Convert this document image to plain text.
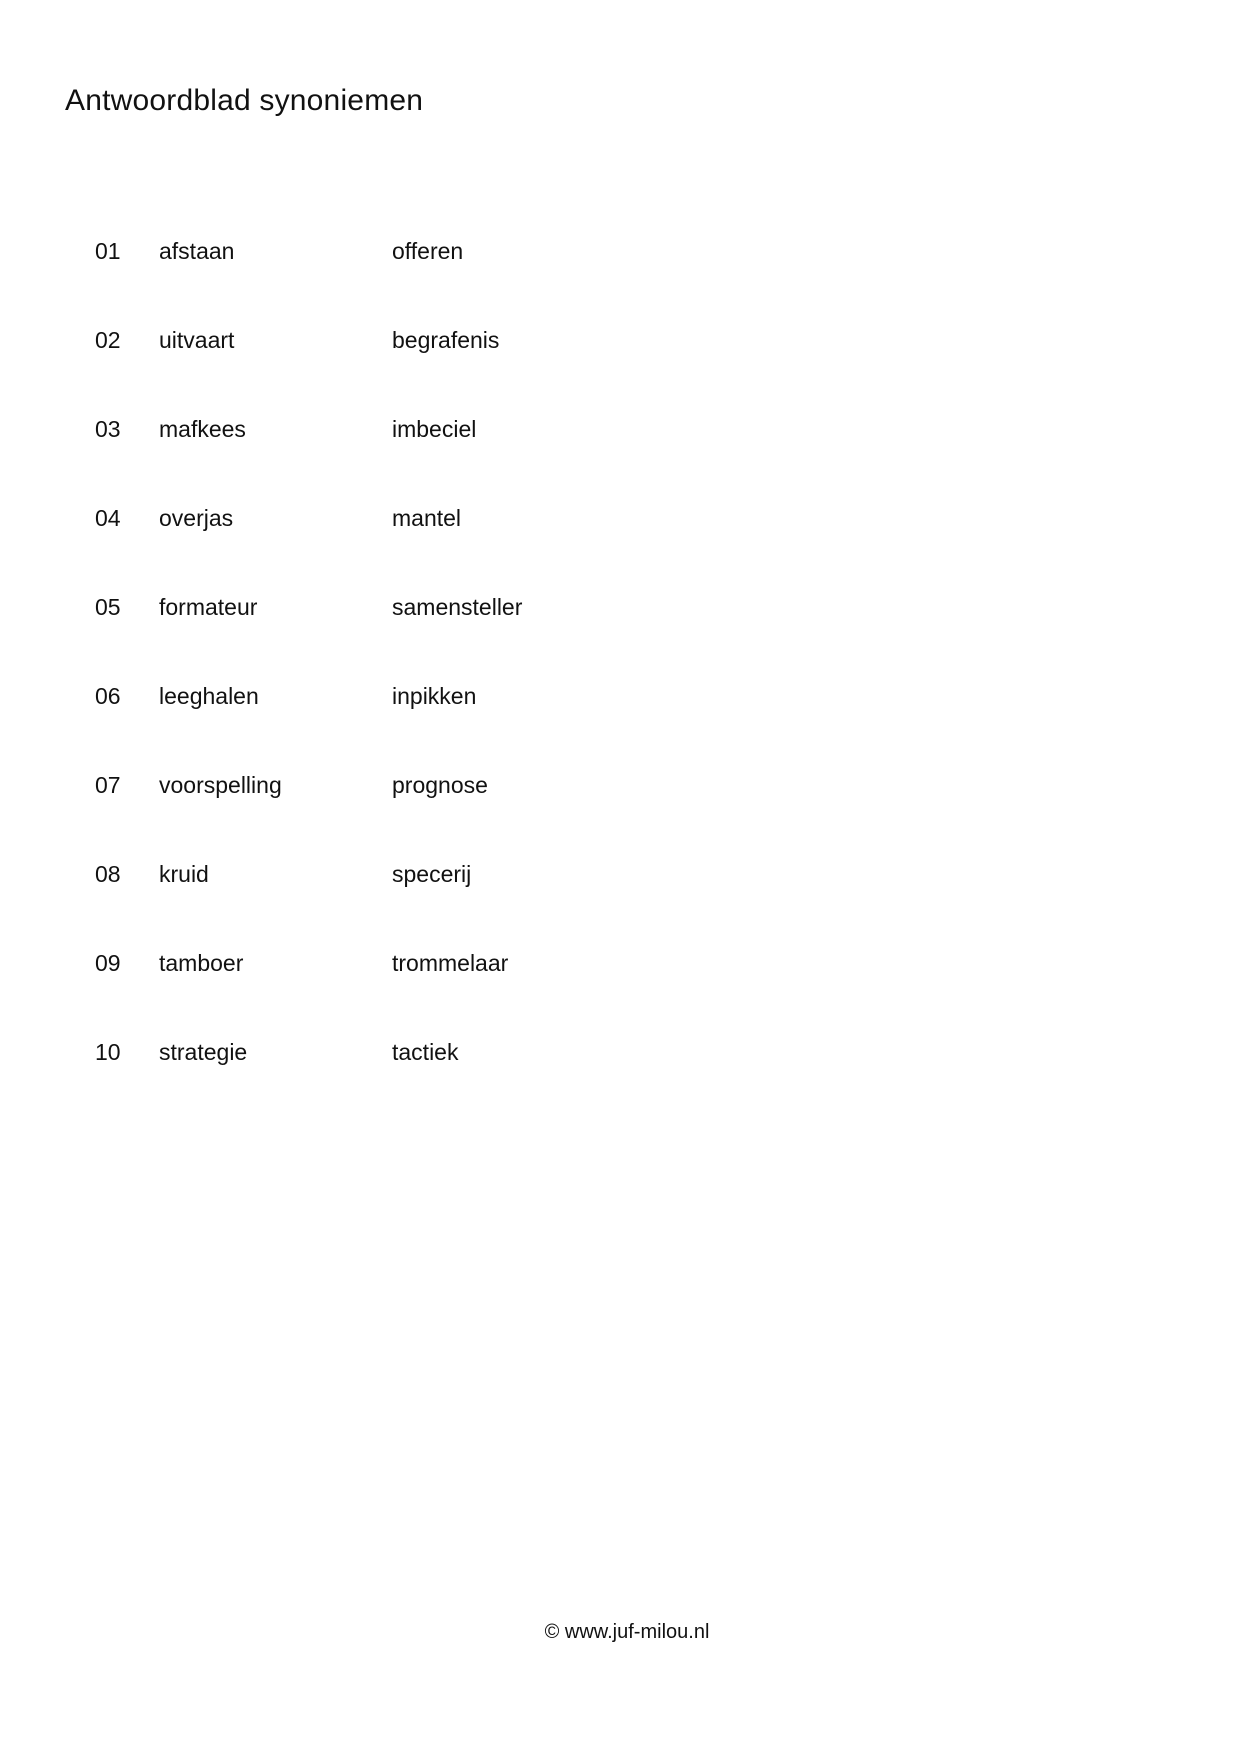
Antwoordblad synoniemen
01 afstaan	offeren
02 uitvaart	begrafenis
03 mafkees	imbeciel
04 overjas	mantel
05 formateur	samensteller
06 leeghalen	inpikken
07 voorspelling	prognose
08 kruid	specerij
09 tamboer	trommelaar
10 strategie	tactiek
© www.juf-milou.nl
